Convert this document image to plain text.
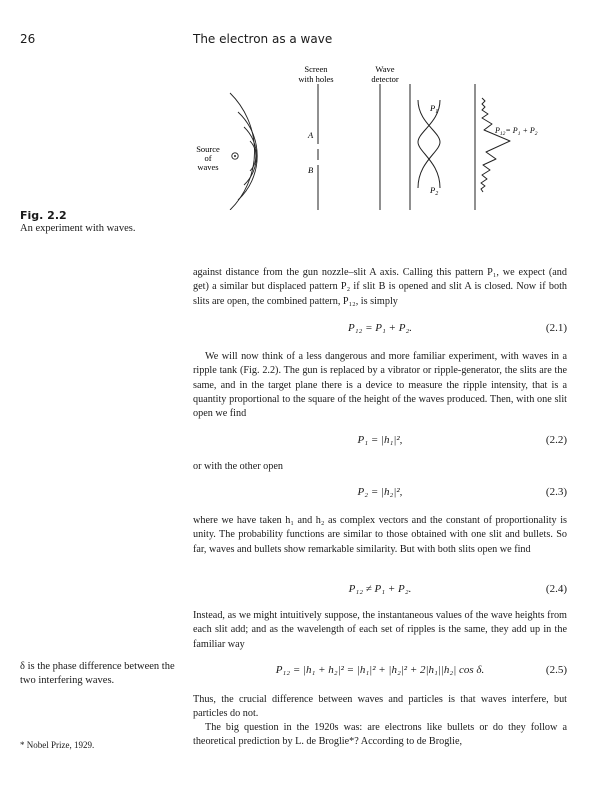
26	The electron as a wave
Screen
with holes
Wave
detector
Source
of
waves
A
B
$P_1$
$P_2$
$P_{12}= P_1 + P_2$
Fig. 2.2
An experiment with waves.

against distance from the gun nozzle–slit A axis. Calling this pattern P₁, we expect (and get) a similar but displaced pattern P₂ if slit B is opened and slit A is closed. Now if both slits are open, the combined pattern, P₁₂, is simply

P₁₂ = P₁ + P₂.	(2.1)

We will now think of a less dangerous and more familiar experiment, with waves in a ripple tank (Fig. 2.2). The gun is replaced by a vibrator or ripple-generator, the slits are the same, and in the target plane there is a device to measure the ripple intensity, that is a quantity proportional to the square of the height of the waves produced. Then, with one slit open we find

P₁ = |h₁|²,	(2.2)

or with the other open

P₂ = |h₂|²,	(2.3)

where we have taken h₁ and h₂ as complex vectors and the constant of proportionality is unity. The probability functions are similar to those obtained with one slit and bullets. So far, waves and bullets show remarkable similarity. But with both slits open we find

P₁₂ ≠ P₁ + P₂.	(2.4)

Instead, as we might intuitively suppose, the instantaneous values of the wave heights from each slit add; and as the wavelength of each set of ripples is the same, they add up in the familiar way

P₁₂ = |h₁ + h₂|² = |h₁|² + |h₂|² + 2|h₁||h₂| cos δ.	(2.5)

Thus, the crucial difference between waves and particles is that waves interfere, but particles do not.

The big question in the 1920s was: are electrons like bullets or do they follow a theoretical prediction by L. de Broglie*? According to de Broglie,

δ is the phase difference between the two interfering waves.
* Nobel Prize, 1929.
